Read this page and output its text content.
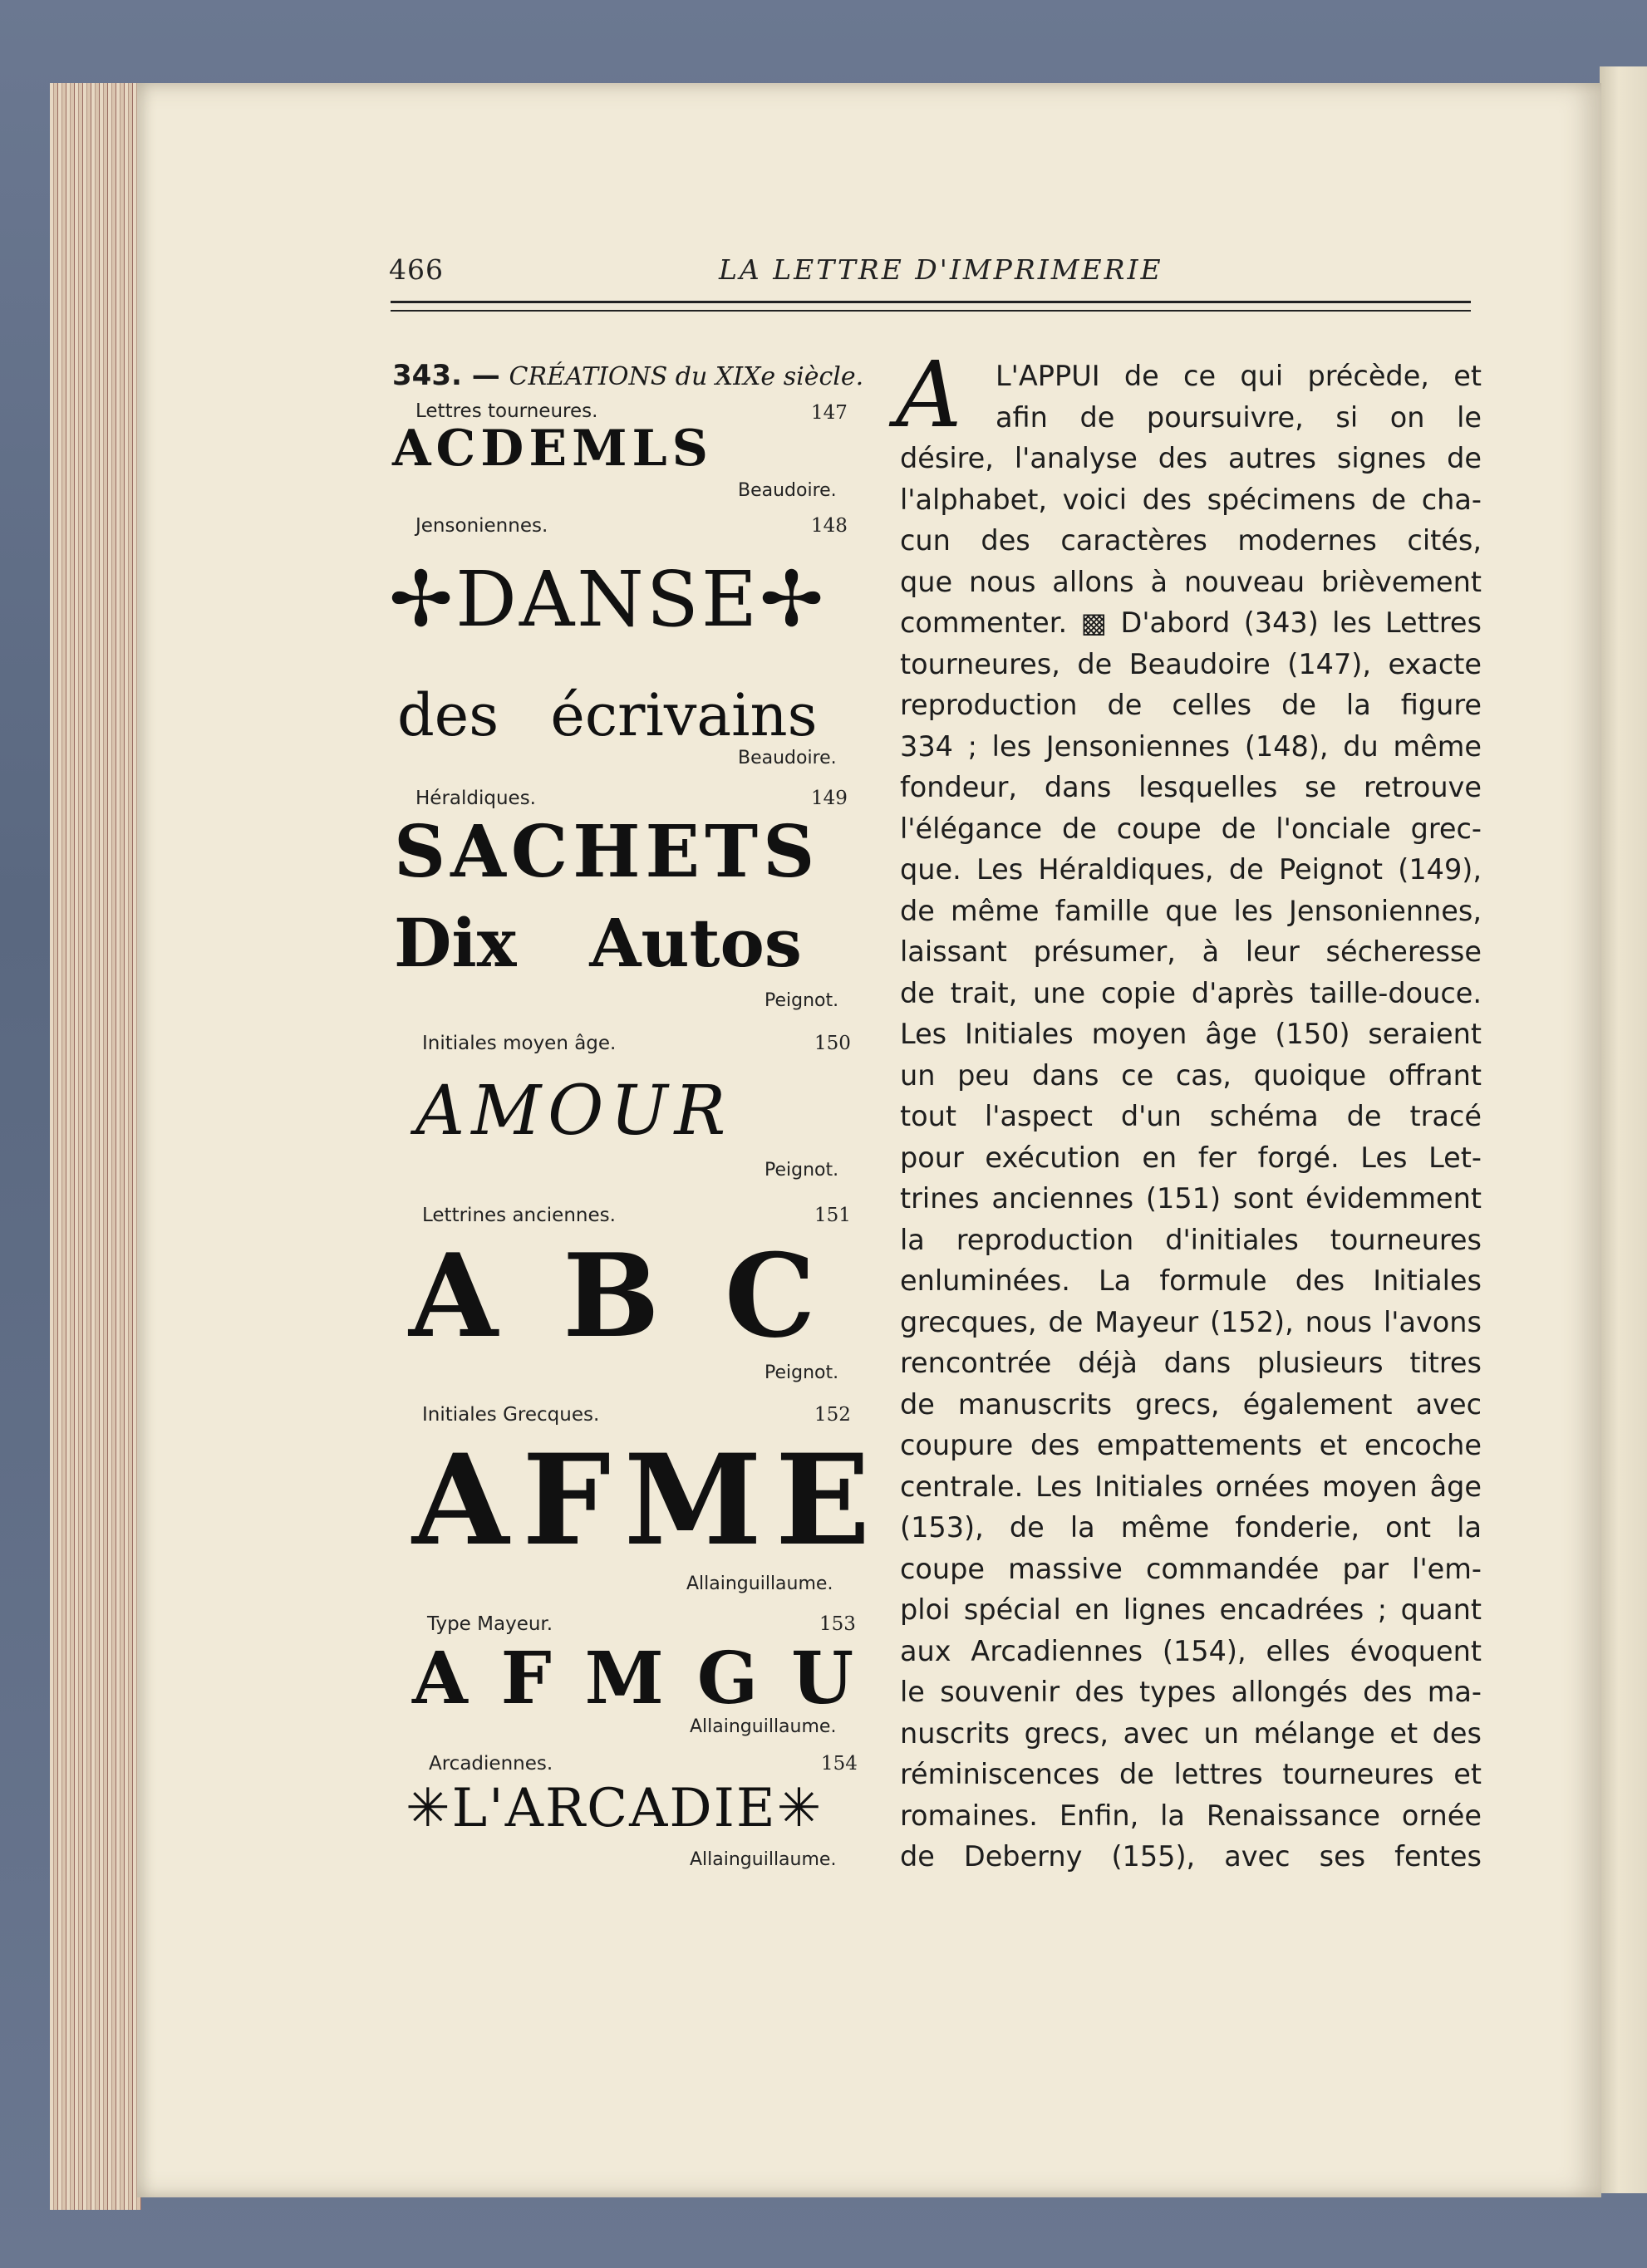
466	LA LETTRE D'IMPRIMERIE
343. — CRÉATIONS du XIXe siècle.
Lettres tourneures.	147
ACDEMLS
Beaudoire.
Jensoniennes.	148
✢DANSE✢
des écrivains
Beaudoire.
Héraldiques.	149
SACHETS
Dix Autos
Peignot.
Initiales moyen âge.	150
AMOUR
Peignot.
Lettrines anciennes.	151
A B C
Peignot.
Initiales Grecques.	152
AFME
Allainguillaume.
Type Mayeur.	153
A F M G U
Allainguillaume.
Arcadiennes.	154
✳L'ARCADIE✳
Allainguillaume.
A	L'APPUI de ce qui précède, et
afin de poursuivre, si on le
désire, l'analyse des autres signes de
l'alphabet, voici des spécimens de cha-
cun des caractères modernes cités,
que nous allons à nouveau brièvement
commenter. ▩ D'abord (343) les Lettres
tourneures, de Beaudoire (147), exacte
reproduction de celles de la figure
334 ; les Jensoniennes (148), du même
fondeur, dans lesquelles se retrouve
l'élégance de coupe de l'onciale grec-
que. Les Héraldiques, de Peignot (149),
de même famille que les Jensoniennes,
laissant présumer, à leur sécheresse
de trait, une copie d'après taille-douce.
Les Initiales moyen âge (150) seraient
un peu dans ce cas, quoique offrant
tout l'aspect d'un schéma de tracé
pour exécution en fer forgé. Les Let-
trines anciennes (151) sont évidemment
la reproduction d'initiales tourneures
enluminées. La formule des Initiales
grecques, de Mayeur (152), nous l'avons
rencontrée déjà dans plusieurs titres
de manuscrits grecs, également avec
coupure des empattements et encoche
centrale. Les Initiales ornées moyen âge
(153), de la même fonderie, ont la
coupe massive commandée par l'em-
ploi spécial en lignes encadrées ; quant
aux Arcadiennes (154), elles évoquent
le souvenir des types allongés des ma-
nuscrits grecs, avec un mélange et des
réminiscences de lettres tourneures et
romaines. Enfin, la Renaissance ornée
de Deberny (155), avec ses fentes
